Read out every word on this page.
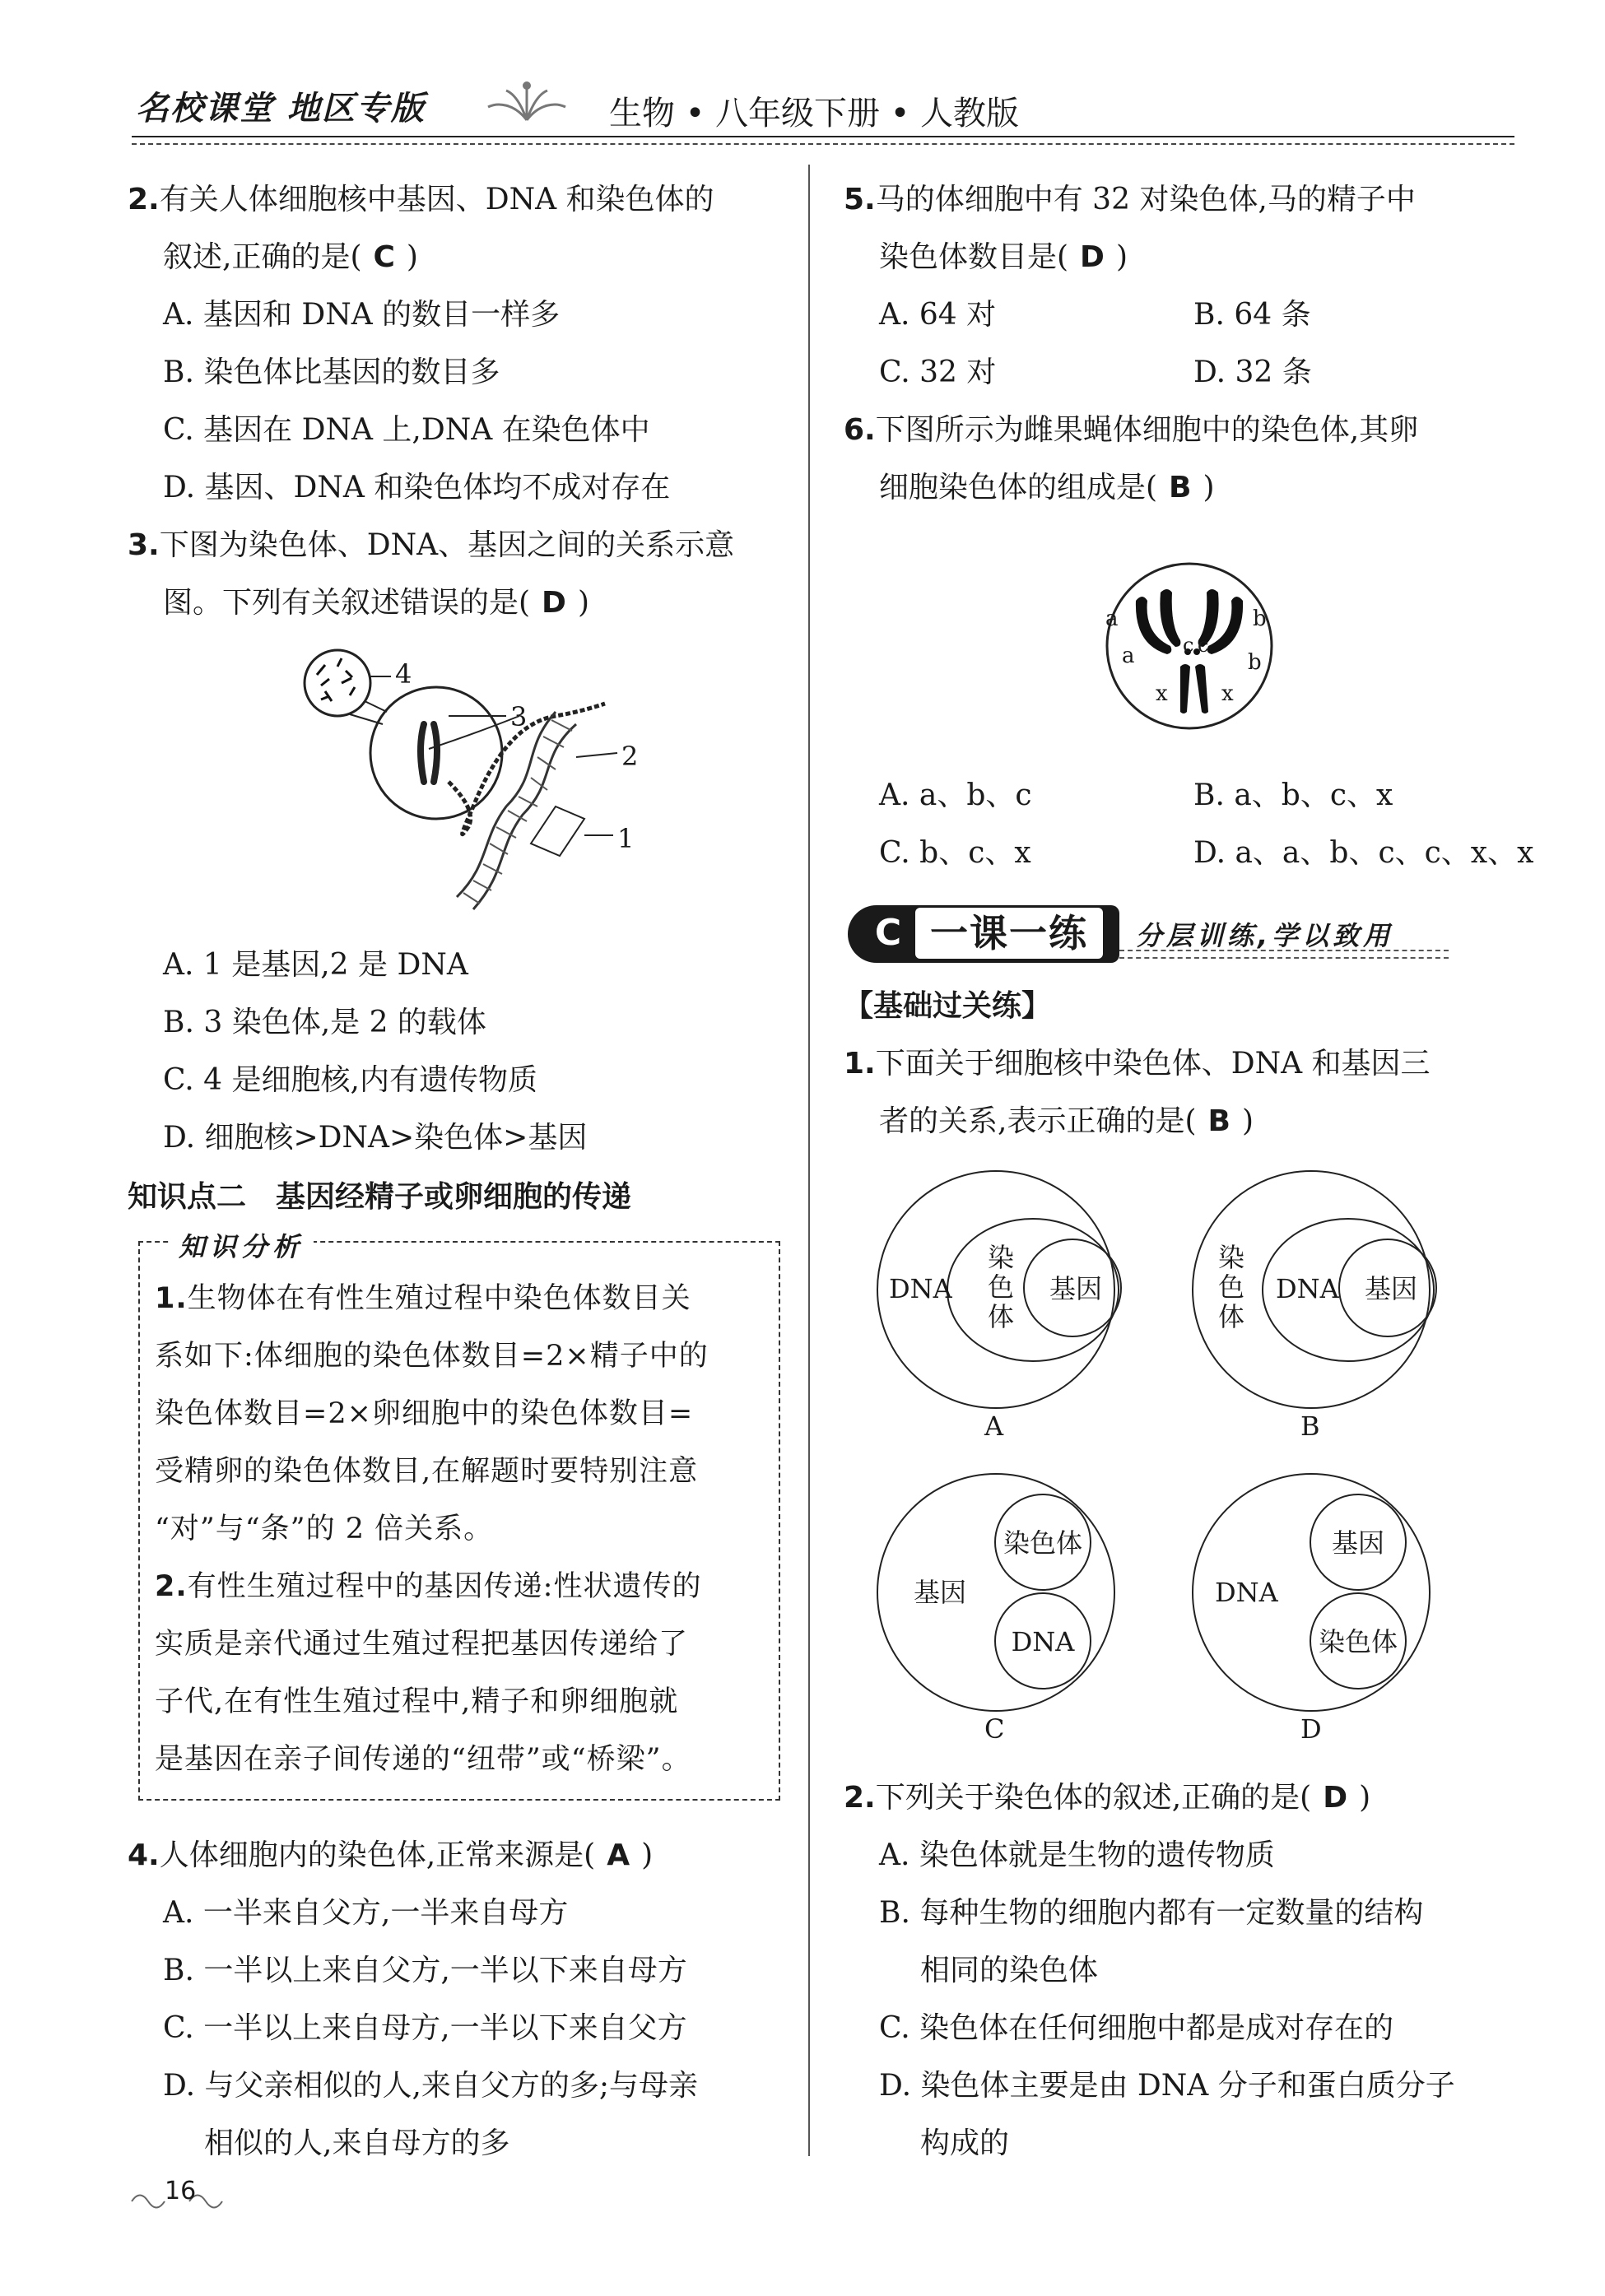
名校课堂 地区专版	生物 • 八年级下册 • 人教版
2.有关人体细胞核中基因、DNA 和染色体的
叙述,正确的是( C )
A. 基因和 DNA 的数目一样多
B. 染色体比基因的数目多
C. 基因在 DNA 上,DNA 在染色体中
D. 基因、DNA 和染色体均不成对存在
3.下图为染色体、DNA、基因之间的关系示意
图。下列有关叙述错误的是( D )
4
3
2
1
A. 1 是基因,2 是 DNA
B. 3 染色体,是 2 的载体
C. 4 是细胞核,内有遗传物质
D. 细胞核>DNA>染色体>基因
知识点二　基因经精子或卵细胞的传递
知识分析
1.生物体在有性生殖过程中染色体数目关
系如下:体细胞的染色体数目=2×精子中的
染色体数目=2×卵细胞中的染色体数目=
受精卵的染色体数目,在解题时要特别注意
“对”与“条”的 2 倍关系。
2.有性生殖过程中的基因传递:性状遗传的
实质是亲代通过生殖过程把基因传递给了
子代,在有性生殖过程中,精子和卵细胞就
是基因在亲子间传递的“纽带”或“桥梁”。
4.人体细胞内的染色体,正常来源是( A )
A. 一半来自父方,一半来自母方
B. 一半以上来自父方,一半以下来自母方
C. 一半以上来自母方,一半以下来自父方
D. 与父亲相似的人,来自父方的多;与母亲
相似的人,来自母方的多
16
5.马的体细胞中有 32 对染色体,马的精子中
染色体数目是( D )
A. 64 对	B. 64 条
C. 32 对	D. 32 条
6.下图所示为雌果蝇体细胞中的染色体,其卵
细胞染色体的组成是( B )
a
a
b
b
c c
x	x
A. a、b、c	B. a、b、c、x
C. b、c、x	D. a、a、b、c、c、x、x
C 一课一练	分层训练,学以致用
【基础过关练】
1.下面关于细胞核中染色体、DNA 和基因三
者的关系,表示正确的是( B )
DNA
染色体
基因
A
染色体
DNA 基因
B
基因
染色体
DNA
C
DNA
基因
染色体
D
2.下列关于染色体的叙述,正确的是( D )
A. 染色体就是生物的遗传物质
B. 每种生物的细胞内都有一定数量的结构
相同的染色体
C. 染色体在任何细胞中都是成对存在的
D. 染色体主要是由 DNA 分子和蛋白质分子
构成的
